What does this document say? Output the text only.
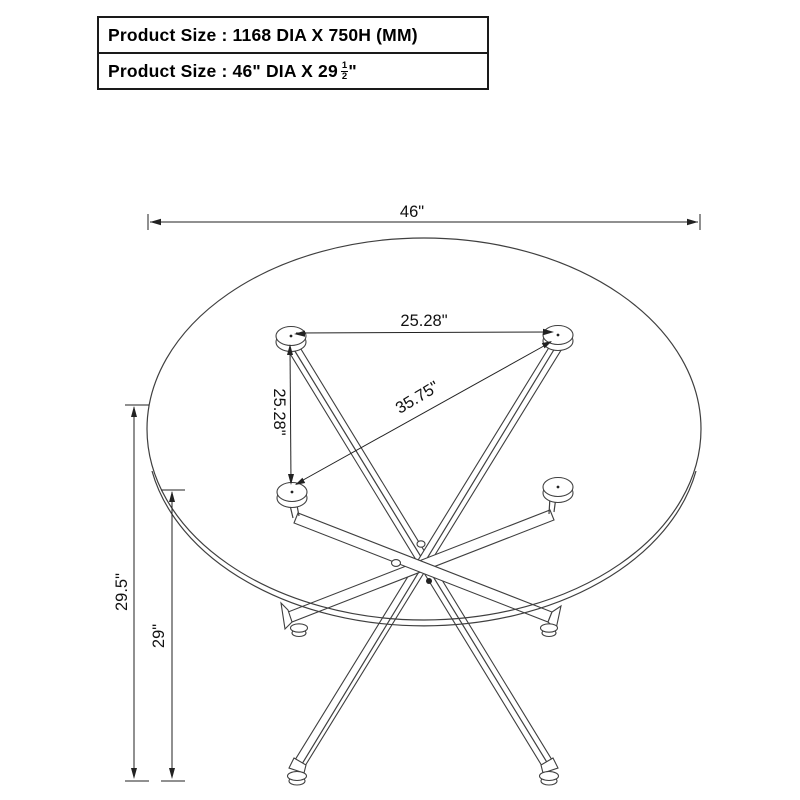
46"
25.28"
25.28"	35.75"
29.5"
29"
Product Size : 1168 DIA X 750H (MM)
Product Size : 46" DIA X $29 \frac{1}{2}$ "
